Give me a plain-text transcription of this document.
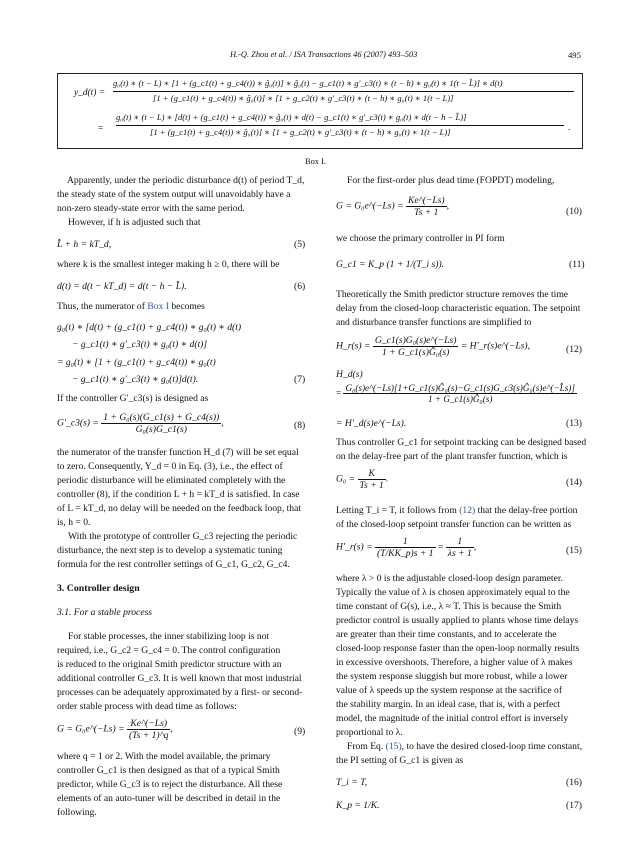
H.-Q. Zhou et al. / ISA Transactions 46 (2007) 493–503	495
y_d(t) =
g₀(t) ∗ (t − L) ∗ [1 + (g_c1(t) + g_c4(t)) ∗ ĝ₀(t)] ∗ ĝ₀(t) − g_c1(t) ∗ g′_c3(t) ∗ (t − h) ∗ g₀(t) ∗ 1(t − L̂)] ∗ d(t)
[1 + (g_c1(t) + g_c4(t)) ∗ ĝ₀(t)] ∗ [1 + g_c2(t) ∗ g′_c3(t) ∗ (t − h) ∗ g₀(t) ∗ 1(t − L)]
=
g₀(t) ∗ (t − L) ∗ [d(t) + (g_c1(t) + g_c4(t)) ∗ ĝ₀(t) ∗ d(t) − g_c1(t) ∗ g′_c3(t) ∗ g₀(t) ∗ d(t − h − L̂)]
[1 + (g_c1(t) + g_c4(t)) ∗ ĝ₀(t)] ∗ [1 + g_c2(t) ∗ g′_c3(t) ∗ (t − h) ∗ g₀(t) ∗ 1(t − L)]	.
Box I.
Apparently, under the periodic disturbance d(t) of period T_d,
the steady state of the system output will unavoidably have a
non-zero steady-state error with the same period.
However, if h is adjusted such that
L̂ + h = kT_d,	(5)
where k is the smallest integer making h ≥ 0, there will be
d(t) = d(t − kT_d) = d(t − h − L̂).	(6)
Thus, the numerator of Box I becomes
g₀(t) ∗ [d(t) + (g_c1(t) + g_c4(t)) ∗ g₀(t) ∗ d(t)
− g_c1(t) ∗ g′_c3(t) ∗ g₀(t) ∗ d(t)]
= g₀(t) ∗ [1 + (g_c1(t) + g_c4(t)) ∗ g₀(t)
− g_c1(t) ∗ g′_c3(t) ∗ g₀(t)]d(t).	(7)
If the controller G′_c3(s) is designed as
G′_c3(s) = $\frac{\text{1 + G₀(s)(G\_c1(s) + G\_c4(s))}}{\text{G₀(s)G\_c1(s)}}$ ,	(8)
the numerator of the transfer function H_d (7) will be set equal
to zero. Consequently, Y_d = 0 in Eq. (3), i.e., the effect of
periodic disturbance will be eliminated completely with the
controller (8), if the condition L + h = kT_d is satisfied. In case
of L = kT_d, no delay will be needed on the feedback loop, that
is, h = 0.
With the prototype of controller G_c3 rejecting the periodic
disturbance, the next step is to develop a systematic tuning
formula for the rest controller settings of G_c1, G_c2, G_c4.
3. Controller design
3.1. For a stable process
For stable processes, the inner stabilizing loop is not
required, i.e., G_c2 = G_c4 = 0. The control configuration
is reduced to the original Smith predictor structure with an
additional controller G_c3. It is well known that most industrial
processes can be adequately approximated by a first- or second-
order stable process with dead time as follows:
G = G₀e^(−Ls) = $\frac{Ke\^{}(-Ls)}{(Ts + 1)\^{}q}$ ,	(9)
where q = 1 or 2. With the model available, the primary
controller G_c1 is then designed as that of a typical Smith
predictor, while G_c3 is to reject the disturbance. All these
elements of an auto-tuner will be described in detail in the
following.
For the first-order plus dead time (FOPDT) modeling,
G = G₀e^(−Ls) = $\frac{Ke\^{}(-Ls)}{Ts + 1}$ ,	(10)
we choose the primary controller in PI form
G_c1 = K_p (1 + 1/(T_i s)).	(11)
Theoretically the Smith predictor structure removes the time
delay from the closed-loop characteristic equation. The setpoint
and disturbance transfer functions are simplified to
H_r(s) = $\frac{\text{G\_c1(s)G₀(s)e\textasciicircum{}(−Ls)}}{\text{1 + G\_c1(s)Ĝ₀(s)}}$ = H′_r(s)e^(−Ls),	(12)
H_d(s)
= $\frac{\text{G₀(s)e\textasciicircum{}(−Ls)[1+G\_c1(s)Ĝ₀(s)−G\_c1(s)G\_c3(s)Ĝ₀(s)e\textasciicircum{}(−L̂s)]}}{\text{1 + G\_c1(s)Ĝ₀(s)}}$
= H′_d(s)e^(−Ls).	(13)
Thus controller G_c1 for setpoint tracking can be designed based
on the delay-free part of the plant transfer function, which is
$G_0 = \frac{K}{Ts + 1}$ .	(14)
Letting T_i = T, it follows from (12) that the delay-free portion
of the closed-loop setpoint transfer function can be written as
H′_r(s) = $\frac{1}{(T/KK\_p)s + 1} = \frac{1}{\lambda s + 1}$ ,	(15)
where λ > 0 is the adjustable closed-loop design parameter.
Typically the value of λ is chosen approximately equal to the
time constant of G(s), i.e., λ ≈ T. This is because the Smith
predictor control is usually applied to plants whose time delays
are greater than their time constants, and to accelerate the
closed-loop response faster than the open-loop normally results
in excessive overshoots. Therefore, a higher value of λ makes
the system response sluggish but more robust, while a lower
value of λ speeds up the system response at the sacrifice of
the stability margin. In an ideal case, that is, with a perfect
model, the magnitude of the initial control effort is inversely
proportional to λ.
From Eq. (15), to have the desired closed-loop time constant,
the PI setting of G_c1 is given as
T_i = T,	(16)
K_p = 1/K.	(17)
